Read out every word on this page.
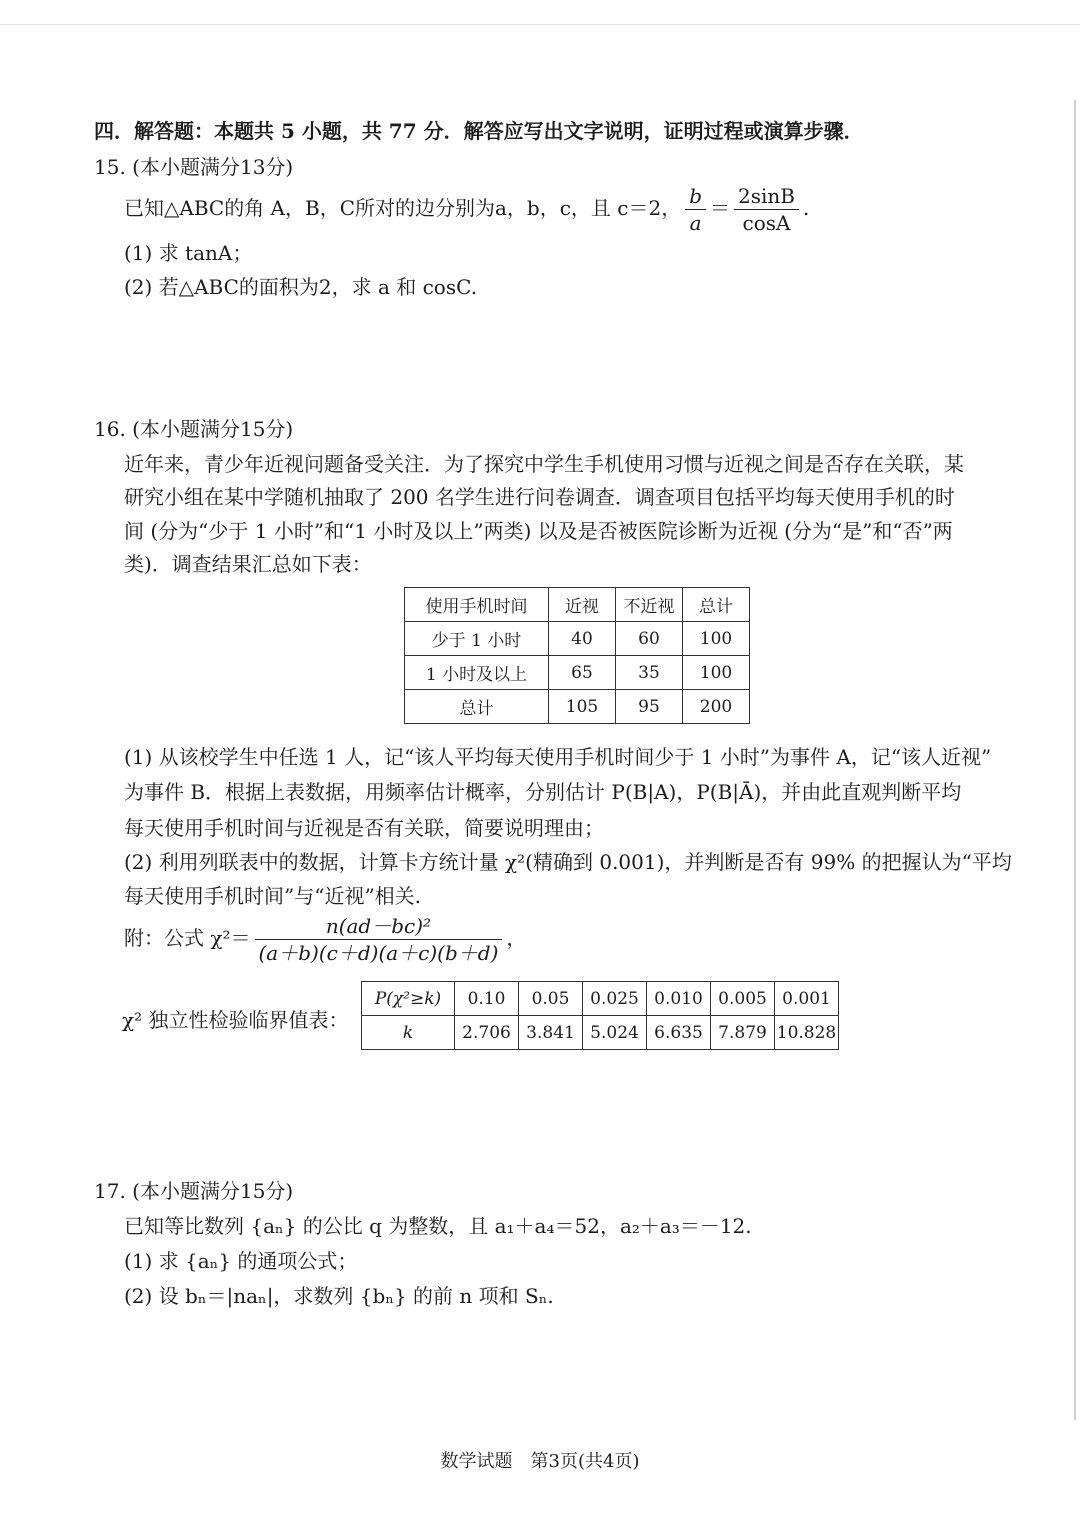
四．解答题：本题共 5 小题，共 77 分．解答应写出文字说明，证明过程或演算步骤．
15. (本小题满分13分)
已知△ABC的角 A，B，C所对的边分别为a，b，c，且 c＝2， $\frac{b}{a} = \frac{2\sin B}{\cos A}$ .
(1) 求 tanA；
(2) 若△ABC的面积为2，求 a 和 cosC.
16. (本小题满分15分)
近年来，青少年近视问题备受关注．为了探究中学生手机使用习惯与近视之间是否存在关联，某
研究小组在某中学随机抽取了 200 名学生进行问卷调查．调查项目包括平均每天使用手机的时
间 (分为“少于 1 小时”和“1 小时及以上”两类) 以及是否被医院诊断为近视 (分为“是”和“否”两
类)．调查结果汇总如下表：
使用手机时间	近视	不近视	总计
少于 1 小时	40	60	100
1 小时及以上	65	35	100
总计	105	95	200
(1) 从该校学生中任选 1 人，记“该人平均每天使用手机时间少于 1 小时”为事件 A，记“该人近视”
为事件 B．根据上表数据，用频率估计概率，分别估计 P(B|A)，P(B|Ā)，并由此直观判断平均
每天使用手机时间与近视是否有关联，简要说明理由；
(2) 利用列联表中的数据，计算卡方统计量 χ²(精确到 0.001)，并判断是否有 99% 的把握认为“平均
每天使用手机时间”与“近视”相关.
附：公式 $\chi^2= \frac{\text{n(ad－bc)²}}{(a+b)(c+d)(a+c)(b+d)}$ ，
χ² 独立性检验临界值表：
P(χ²≥k)	0.10	0.05	0.025	0.010	0.005	0.001
k	2.706	3.841	5.024	6.635	7.879	10.828
17. (本小题满分15分)
已知等比数列 {aₙ} 的公比 q 为整数，且 a₁＋a₄＝52，a₂＋a₃＝－12.
(1) 求 {aₙ} 的通项公式；
(2) 设 bₙ＝|naₙ|，求数列 {bₙ} 的前 n 项和 Sₙ.
数学试题　第3页(共4页)
